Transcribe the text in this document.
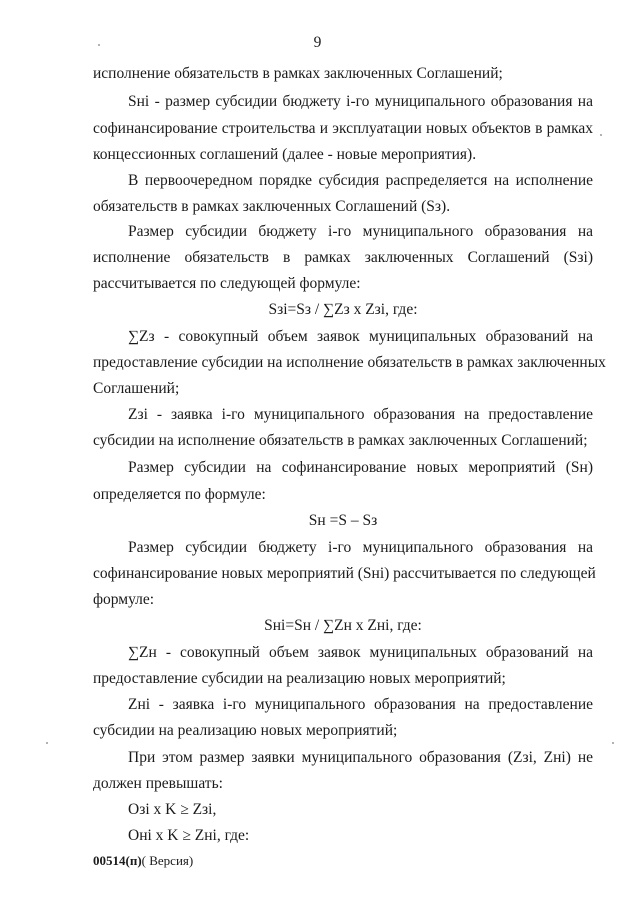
9
исполнение обязательств в рамках заключенных Соглашений;
Sнi - размер субсидии бюджету i-го муниципального образования на
софинансирование строительства и эксплуатации новых объектов в рамках
концессионных соглашений (далее - новые мероприятия).
В первоочередном порядке субсидия распределяется на исполнение
обязательств в рамках заключенных Соглашений (Sз).
Размер субсидии бюджету i-го муниципального образования на
исполнение обязательств в рамках заключенных Соглашений (Sзi)
рассчитывается по следующей формуле:
Sзi=Sз / ∑Zз x Zзi, где:
∑Zз - совокупный объем заявок муниципальных образований на
предоставление субсидии на исполнение обязательств в рамках заключенных
Соглашений;
Zзi - заявка i-го муниципального образования на предоставление
субсидии на исполнение обязательств в рамках заключенных Соглашений;
Размер субсидии на софинансирование новых мероприятий (Sн)
определяется по формуле:
Sн =S – Sз
Размер субсидии бюджету i-го муниципального образования на
софинансирование новых мероприятий (Sнi) рассчитывается по следующей
формуле:
Sнi=Sн / ∑Zн x Zнi, где:
∑Zн - совокупный объем заявок муниципальных образований на
предоставление субсидии на реализацию новых мероприятий;
Zнi - заявка i-го муниципального образования на предоставление
субсидии на реализацию новых мероприятий;
При этом размер заявки муниципального образования (Zзi, Zнi) не
должен превышать:
Озi x K ≥ Zзi,
Онi x K ≥ Zнi, где:
00514(п)( Версия)
